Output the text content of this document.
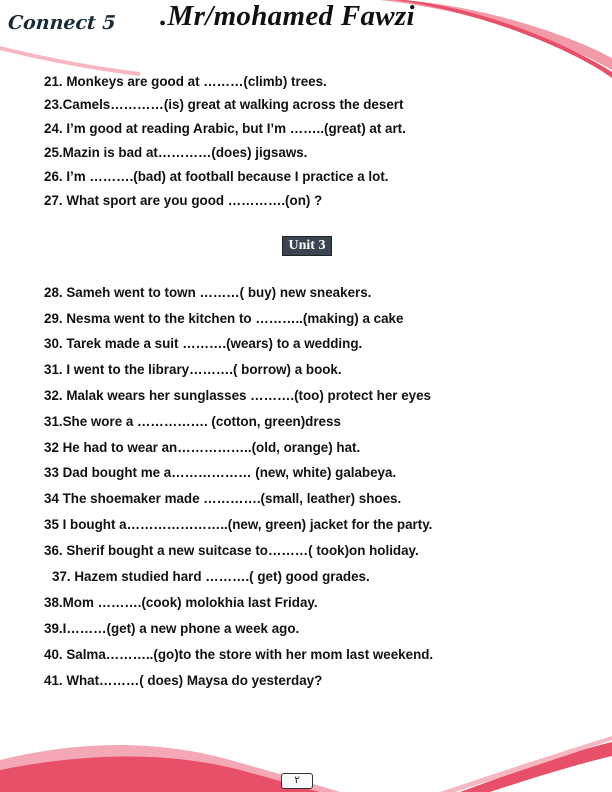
Connect 5 .Mr/mohamed Fawzi
21. Monkeys are good at ………(climb) trees.
23.Camels…………(is) great at walking across the desert
24. I’m good at reading Arabic, but I’m ……..(great) at art.
25.Mazin is bad at…………(does) jigsaws.
26. I’m ……….(bad) at football because I practice a lot.
27. What sport are you good ………….(on) ?
28. Sameh went to town ………( buy) new sneakers.
29. Nesma went to the kitchen to ………..(making) a cake
30. Tarek made a suit ……….(wears) to a wedding.
31. I went to the library……….( borrow) a book.
32. Malak wears her sunglasses ……….(too) protect her eyes
31.She wore a ……………. (cotton, green)dress
32 He had to wear an……………..(old, orange) hat.
33 Dad bought me a……………… (new, white) galabeya.
34 The shoemaker made ………….(small, leather) shoes.
35 I bought a…………………..(new, green) jacket for the party.
36. Sherif bought a new suitcase to………( took)on holiday.
37. Hazem studied hard ……….( get) good grades.
38.Mom ……….(cook) molokhia last Friday.
39.I………(get) a new phone a week ago.
40. Salma………..(go)to the store with her mom last weekend.
41. What………( does) Maysa do yesterday?
Unit 3
٢
